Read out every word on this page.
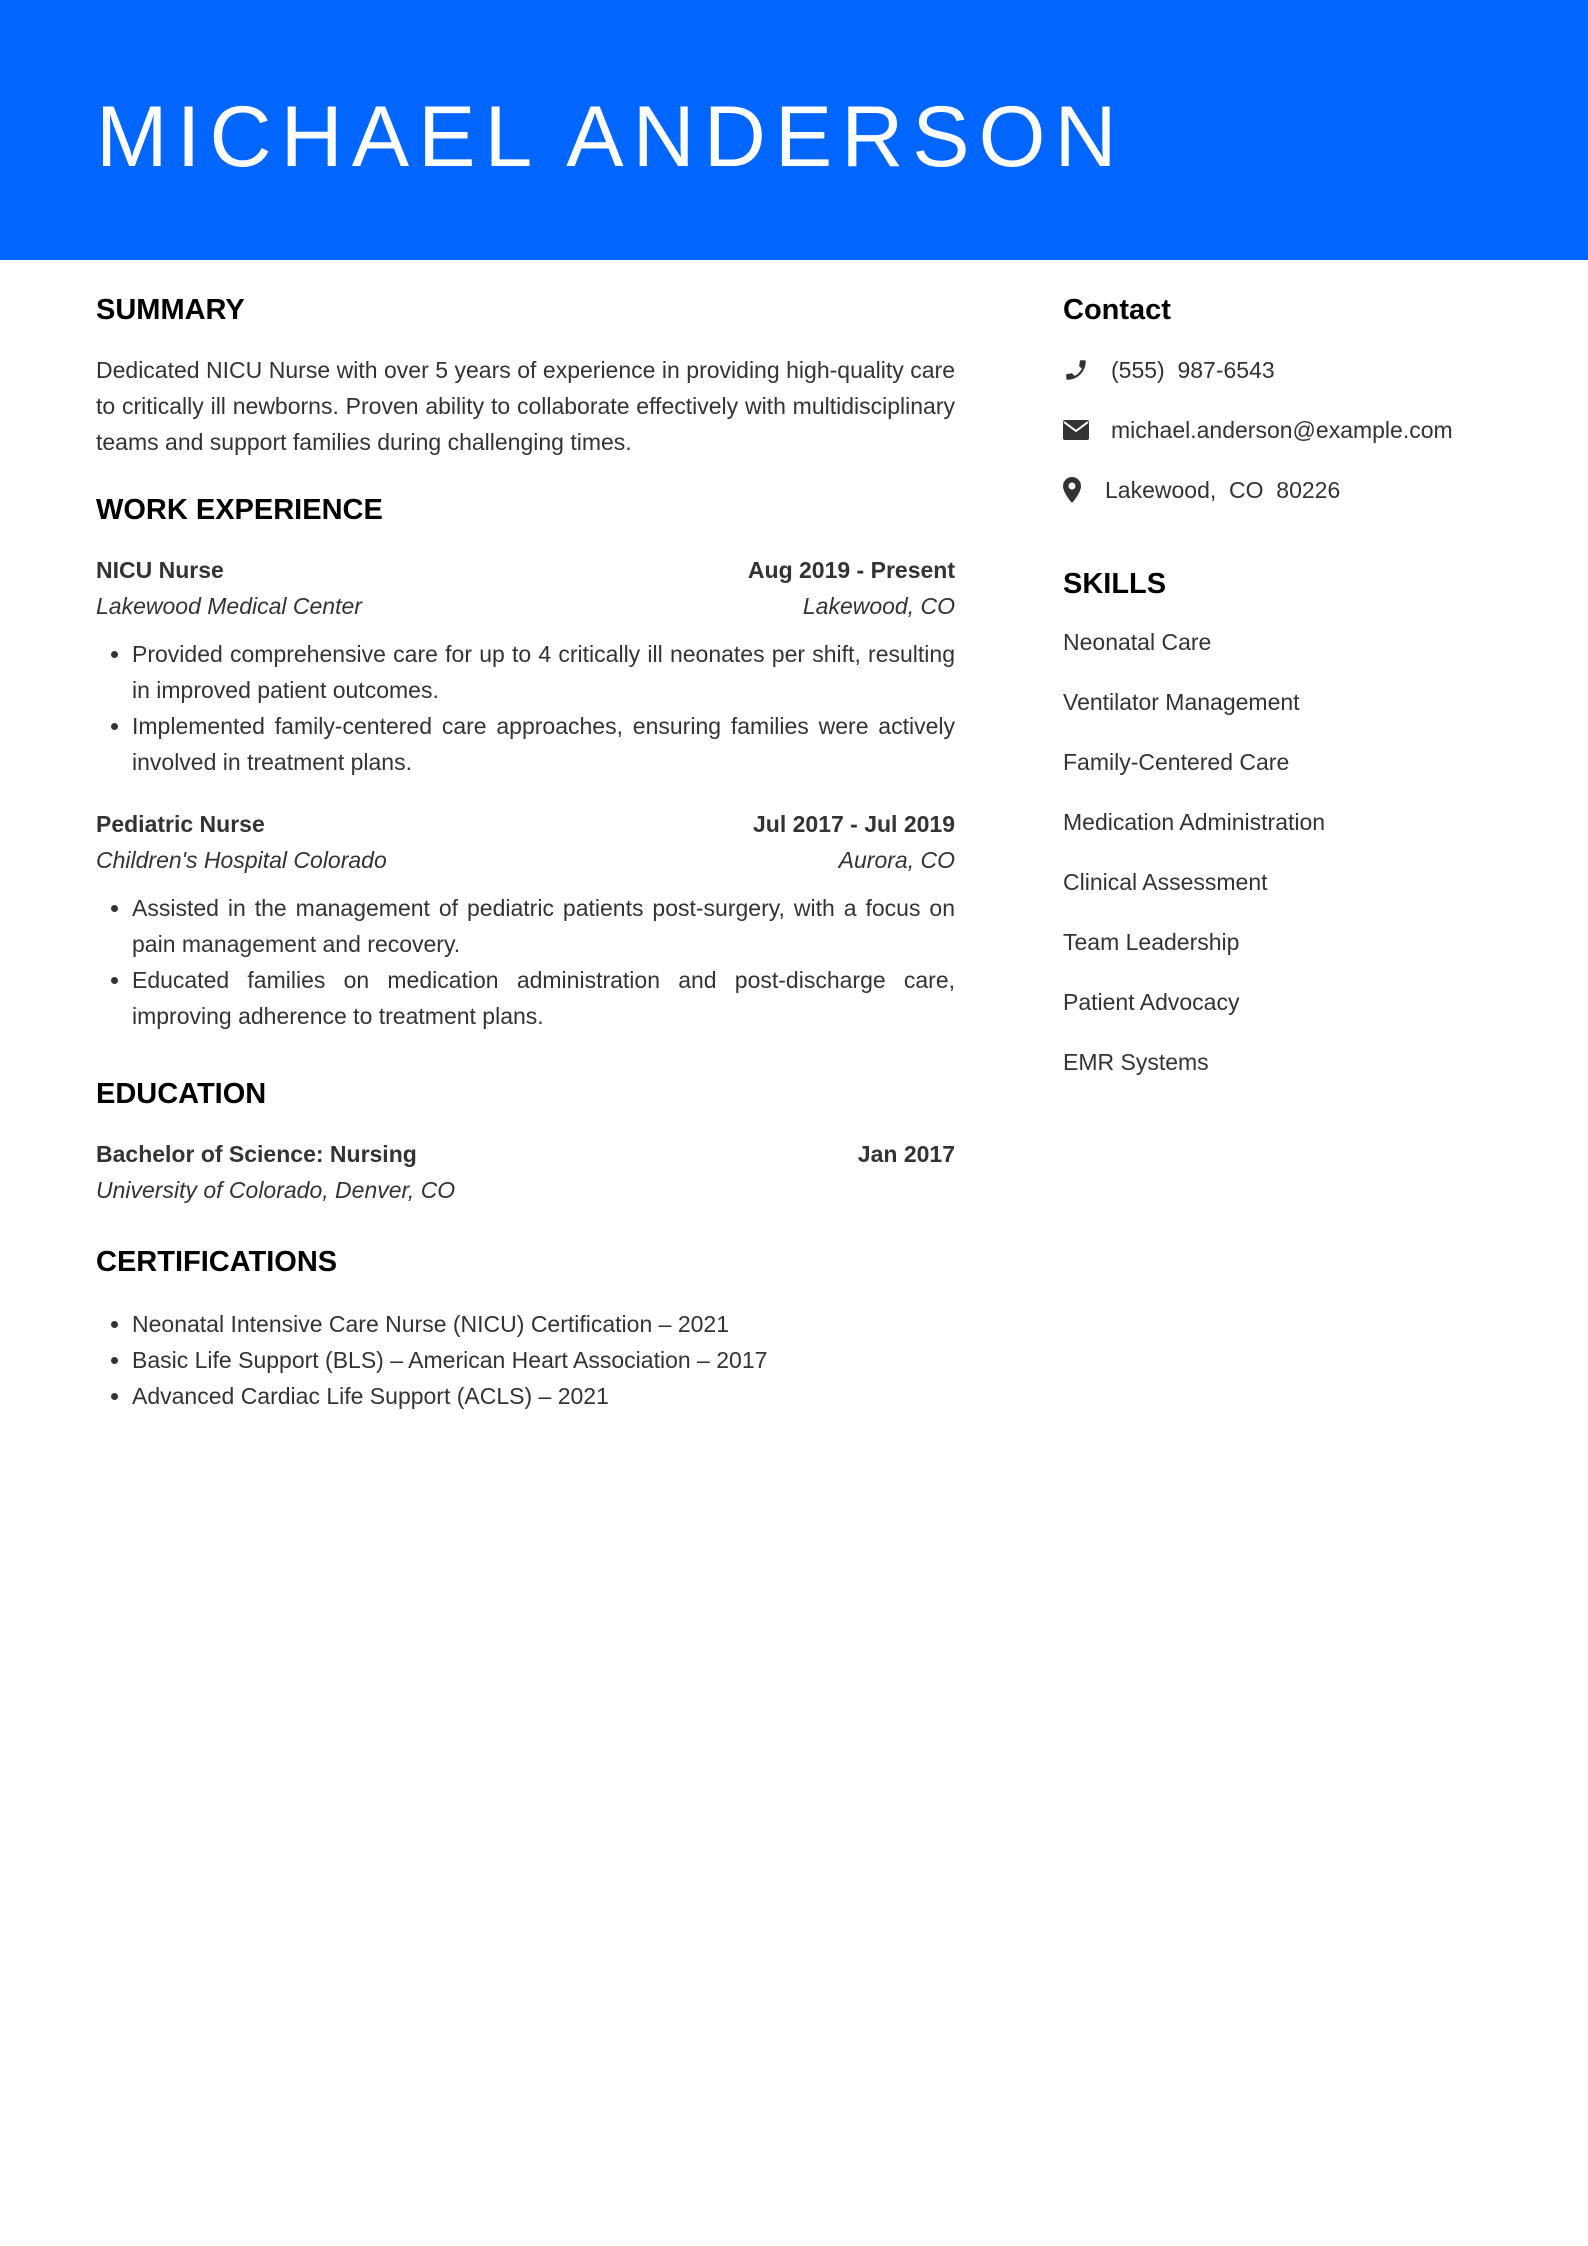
MICHAEL ANDERSON
SUMMARY

Dedicated NICU Nurse with over 5 years of experience in providing high-quality care to critically ill newborns. Proven ability to collaborate effectively with multidisciplinary teams and support families during challenging times.

WORK EXPERIENCE
NICU Nurse	Aug 2019 - Present
Lakewood Medical Center	Lakewood, CO
• Provided comprehensive care for up to 4 critically ill neonates per shift, resulting in improved patient outcomes.
• Implemented family-centered care approaches, ensuring families were actively involved in treatment plans.
Pediatric Nurse	Jul 2017 - Jul 2019
Children's Hospital Colorado	Aurora, CO
• Assisted in the management of pediatric patients post-surgery, with a focus on pain management and recovery.
• Educated families on medication administration and post-discharge care, improving adherence to treatment plans.
EDUCATION
Bachelor of Science: Nursing	Jan 2017
University of Colorado, Denver, CO
CERTIFICATIONS
• Neonatal Intensive Care Nurse (NICU) Certification – 2021
• Basic Life Support (BLS) – American Heart Association – 2017
• Advanced Cardiac Life Support (ACLS) – 2021
Contact
(555)  987-6543
michael.anderson@example.com
Lakewood,  CO  80226
SKILLS
Neonatal Care
Ventilator Management
Family-Centered Care
Medication Administration
Clinical Assessment
Team Leadership
Patient Advocacy
EMR Systems
